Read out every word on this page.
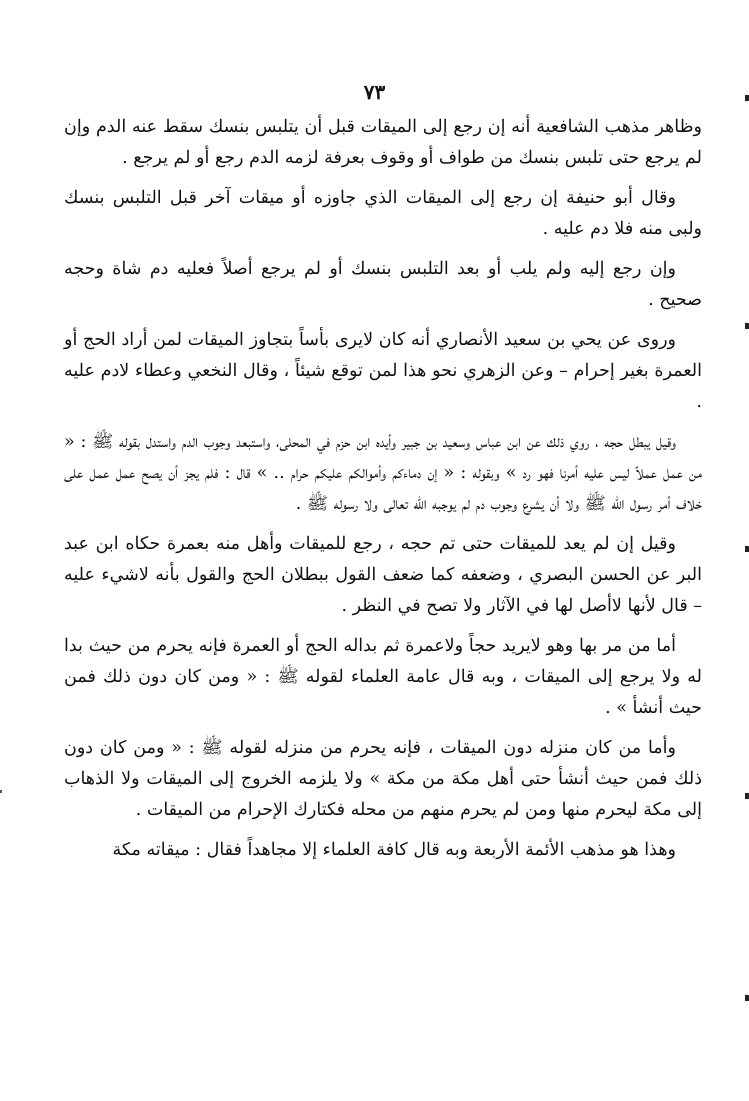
٧٣

وظاهر مذهب الشافعية أنه إن رجع إلى الميقات قبل أن يتلبس بنسك سقط عنه الدم وإن لم يرجع حتى تلبس بنسك من طواف أو وقوف بعرفة لزمه الدم رجع أو لم يرجع .

وقال أبو حنيفة إن رجع إلى الميقات الذي جاوزه أو ميقات آخر قبل التلبس بنسك ولبى منه فلا دم عليه .

وإن رجع إليه ولم يلب أو بعد التلبس بنسك أو لم يرجع أصلاً فعليه دم شاة وحجه صحيح .

وروى عن يحي بن سعيد الأنصاري أنه كان لايرى بأساً بتجاوز الميقات لمن أراد الحج أو العمرة بغير إحرام – وعن الزهري نحو هذا لمن توقع شيئاً ، وقال النخعي وعطاء لادم عليه .

وقيل يبطل حجه ، روي ذلك عن ابن عباس وسعيد بن جبير وأيده ابن حزم في المحلى، واستبعد وجوب الدم واستدل بقوله ﷺ : « من عمل عملاً ليس عليه أمرنا فهو رد » وبقوله : « إن دماءكم وأموالكم عليكم حرام .. » قال : فلم يجز أن يصح عمل عمل على خلاف أمر رسول الله ﷺ ولا أن يشرع وجوب دم لم يوجبه الله تعالى ولا رسوله ﷺ .

وقيل إن لم يعد للميقات حتى تم حجه ، رجع للميقات وأهل منه بعمرة حكاه ابن عبد البر عن الحسن البصري ، وضعفه كما ضعف القول ببطلان الحج والقول بأنه لاشيء عليه – قال لأنها لاأصل لها في الآثار ولا تصح في النظر .

أما من مر بها وهو لايريد حجاً ولاعمرة ثم بداله الحج أو العمرة فإنه يحرم من حيث بدا له ولا يرجع إلى الميقات ، وبه قال عامة العلماء لقوله ﷺ : « ومن كان دون ذلك فمن حيث أنشأ » .

وأما من كان منزله دون الميقات ، فإنه يحرم من منزله لقوله ﷺ : « ومن كان دون ذلك فمن حيث أنشأ حتى أهل مكة من مكة » ولا يلزمه الخروج إلى الميقات ولا الذهاب إلى مكة ليحرم منها ومن لم يحرم منهم من محله فكتارك الإحرام من الميقات .

وهذا هو مذهب الأئمة الأربعة وبه قال كافة العلماء إلا مجاهداً فقال : ميقاته مكة
